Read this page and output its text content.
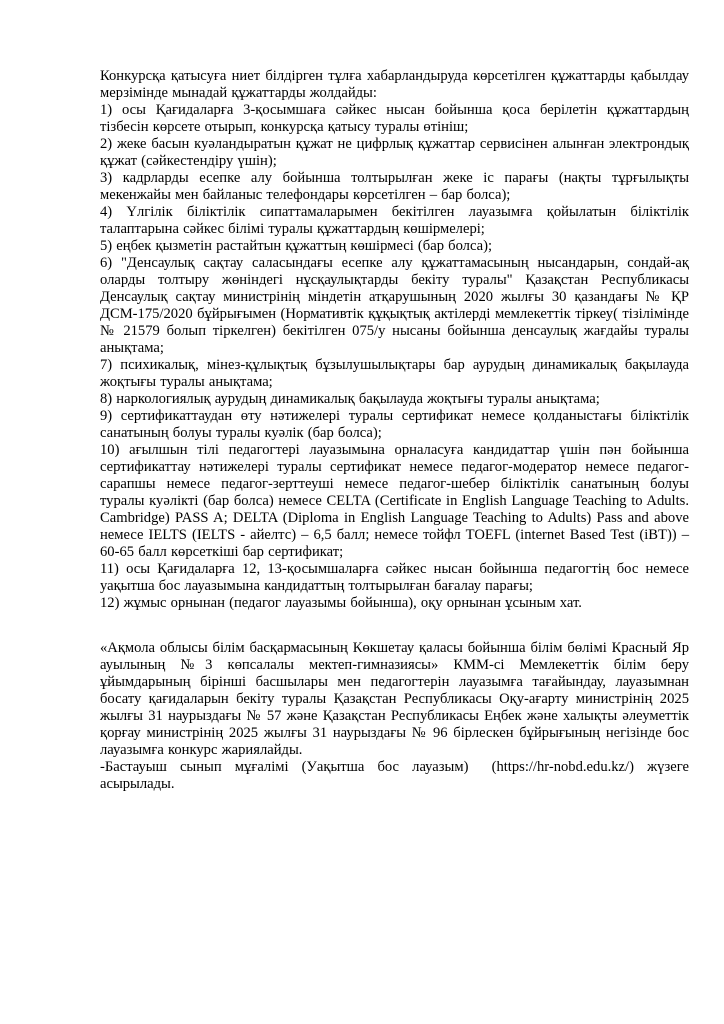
Конкурсқа қатысуға ниет білдірген тұлға хабарландыруда көрсетілген құжаттарды қабылдау мерзімінде мынадай құжаттарды жолдайды:

1) осы Қағидаларға 3-қосымшаға сәйкес нысан бойынша қоса берілетін құжаттардың тізбесін көрсете отырып, конкурсқа қатысу туралы өтініш;

2) жеке басын куәландыратын құжат не цифрлық құжаттар сервисінен алынған электрондық құжат (сәйкестендіру үшін);

3) кадрларды есепке алу бойынша толтырылған жеке іс парағы (нақты тұрғылықты мекенжайы мен байланыс телефондары көрсетілген – бар болса);

4) Үлгілік біліктілік сипаттамаларымен бекітілген лауазымға қойылатын біліктілік талаптарына сәйкес білімі туралы құжаттардың көшірмелері;

5) еңбек қызметін растайтын құжаттың көшірмесі (бар болса);

6) "Денсаулық сақтау саласындағы есепке алу құжаттамасының нысандарын, сондай-ақ оларды толтыру жөніндегі нұсқаулықтарды бекіту туралы" Қазақстан Республикасы Денсаулық сақтау министрінің міндетін атқарушының 2020 жылғы 30 қазандағы № ҚР ДСМ-175/2020 бұйрығымен (Нормативтік құқықтық актілерді мемлекеттік тіркеу( тізілімінде № 21579 болып тіркелген) бекітілген 075/у нысаны бойынша денсаулық жағдайы туралы анықтама;

7) психикалық, мінез-құлықтық бұзылушылықтары бар аурудың динамикалық бақылауда жоқтығы туралы анықтама;

8) наркологиялық аурудың динамикалық бақылауда жоқтығы туралы анықтама;

9) сертификаттаудан өту нәтижелері туралы сертификат немесе қолданыстағы біліктілік санатының болуы туралы куәлік (бар болса);

10) ағылшын тілі педагогтері лауазымына орналасуға кандидаттар үшін пән бойынша сертификаттау нәтижелері туралы сертификат немесе педагог-модератор немесе педагог-сарапшы немесе педагог-зерттеуші немесе педагог-шебер біліктілік санатының болуы туралы куәлікті (бар болса) немесе CELTA (Certificate in English Language Teaching to Adults. Cambridge) PASS A; DELTA (Diploma in English Language Teaching to Adults) Pass and above немесе IELTS (IELTS - айелтс) – 6,5 балл; немесе тойфл TOEFL (internet Based Test (iBT)) – 60-65 балл көрсеткіші бар сертификат;

11) осы Қағидаларға 12, 13-қосымшаларға сәйкес нысан бойынша педагогтің бос немесе уақытша бос лауазымына кандидаттың толтырылған бағалау парағы;

12) жұмыс орнынан (педагог лауазымы бойынша), оқу орнынан ұсыным хат.

«Ақмола облысы білім басқармасының Көкшетау қаласы бойынша білім бөлімі Красный Яр ауылының №3 көпсалалы мектеп-гимназиясы» КММ-сі Мемлекеттік білім беру ұйымдарының бірінші басшылары мен педагогтерін лауазымға тағайындау, лауазымнан босату қағидаларын бекіту туралы Қазақстан Республикасы Оқу-ағарту министрінің 2025 жылғы 31 наурыздағы № 57 және Қазақстан Республикасы Еңбек және халықты әлеуметтік қорғау министрінің 2025 жылғы 31 наурыздағы № 96 бірлескен бұйрығының негізінде бос лауазымға конкурс жариялайды.

-Бастауыш сынып мұғалімі (Уақытша бос лауазым) (https://hr-nobd.edu.kz/) жүзеге асырылады.
